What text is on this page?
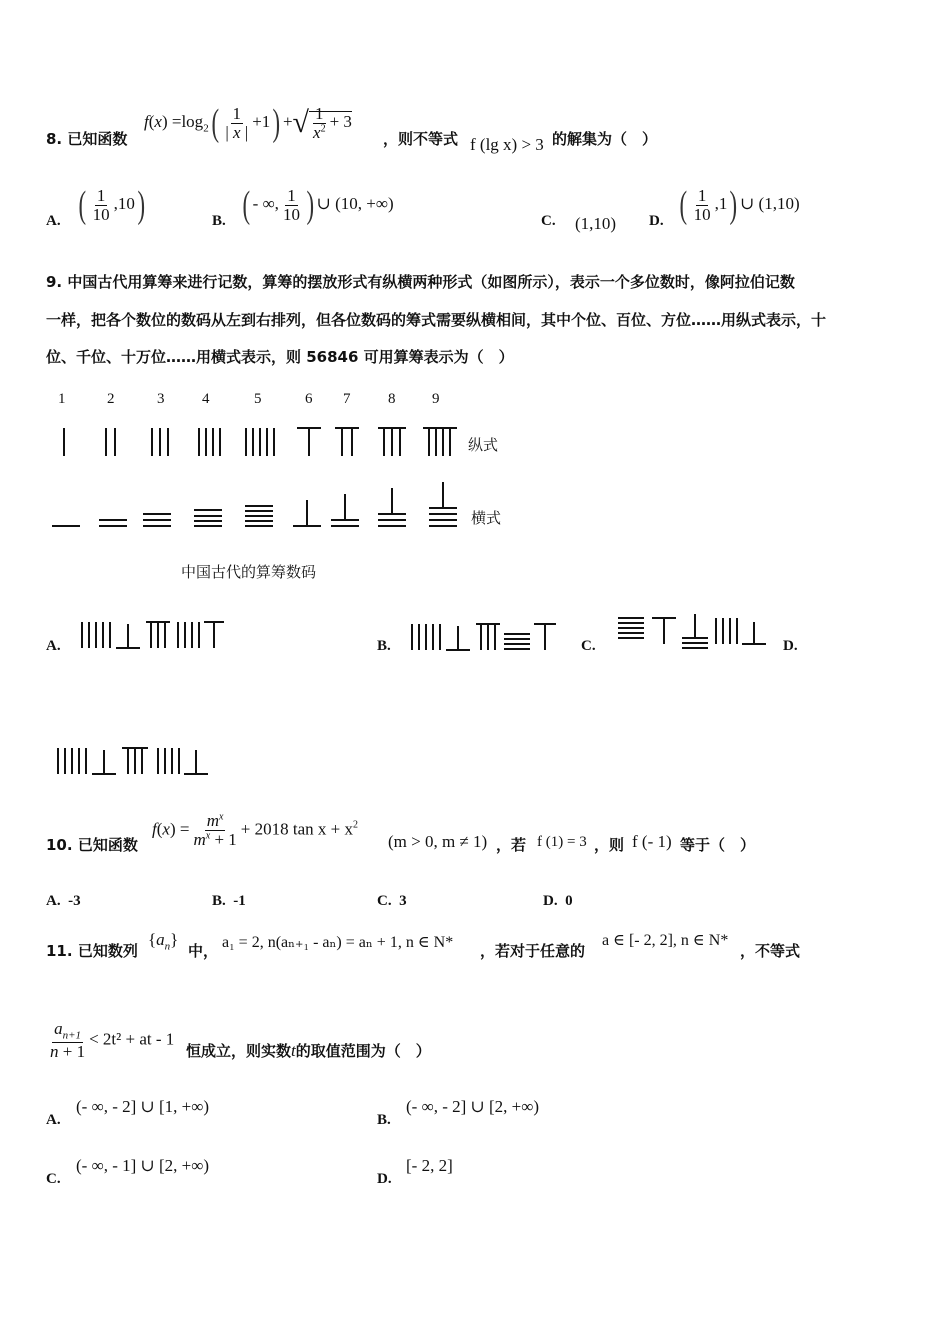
8. 已知函数
$f(x) =\log_2( \frac{1}{| x |} +1)$ +√ $\frac{1}{x^2} + 3$
，则不等式 f (lg x) > 3 的解集为（　）
A. ( $\frac{1}{10} ,10$)	B. ( - ∞, $\frac{1}{10}$ ) ∪ (10, +∞)
C. (1,10) D. ( $\frac{1}{10} ,1$) ∪ (1,10)
9. 中国古代用算筹来进行记数，算筹的摆放形式有纵横两种形式（如图所示），表示一个多位数时，像阿拉伯记数
一样，把各个数位的数码从左到右排列，但各位数码的筹式需要纵横相间，其中个位、百位、方位……用纵式表示，十
位、千位、十万位……用横式表示，则 56846 可用算筹表示为（　）
1	2	3	4	5	6 7	8 9
纵式
横式
中国古代的算筹数码
A.	B.	C.	D.
10. 已知函数
$f(x) = \frac{m^x}{m^x + 1} + 2018$ $\tan x + x^2$
(m > 0, m ≠ 1) ，若 f (1) = 3 ，则 f (- 1) 等于（　）
A. -3	B. -1	C. 3	D. 0
11. 已知数列
$\{a_n\}$
中， a₁ = 2, n(aₙ₊₁ - aₙ) = aₙ + 1, n ∈ N* ，若对于任意的
a ∈ [- 2, 2], n ∈ N*
，不等式
$\frac{a_{n+1}}{n + 1} < 2t^2$ + at - 1
恒成立，则实数t的取值范围为（　）
A.
(- ∞, - 2] ∪ [1, +∞)
B.
(- ∞, - 2] ∪ [2, +∞)
C.
(- ∞, - 1] ∪ [2, +∞)
D.
[- 2, 2]
